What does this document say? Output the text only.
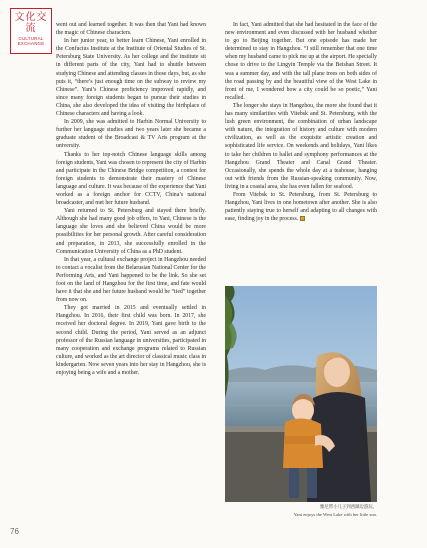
文化交流
CULTURAL EXCHANGE

went out and learned together. It was then that Yani had known the magic of Chinese characters.

In her junior year, to better learn Chinese, Yani enrolled in the Confucius Institute at the Institute of Oriental Studies of St. Petersburg State University. As her college and the institute sit in different parts of the city, Yani had to shuttle between studying Chinese and attending classes in those days, but, as she puts it, “there’s just enough time on the subway to review my Chinese”. Yani’s Chinese proficiency improved rapidly, and since many foreign students began to pursue their studies in China, she also developed the idea of visiting the birthplace of Chinese characters and having a look.

In 2009, she was admitted to Harbin Normal University to further her language studies and two years later she became a graduate student of the Broadcast & TV Arts program at the university.

Thanks to her top-notch Chinese language skills among foreign students, Yani was chosen to represent the city of Harbin and participate in the Chinese Bridge competition, a contest for foreign students to demonstrate their mastery of Chinese language and culture. It was because of the experience that Yani worked as a foreign anchor for CCTV, China’s national broadcaster, and met her future husband.

Yani returned to St. Petersburg and stayed there briefly. Although she had many good job offers, to Yani, Chinese is the language she loves and she believed China would be more possibilities for her personal growth. After careful consideration and preparation, in 2013, she successfully enrolled in the Communication University of China as a PhD student.

In that year, a cultural exchange project in Hangzhou needed to contact a vocalist from the Belarusian National Center for the Performing Arts, and Yani happened to be the link. So she set foot on the land of Hangzhou for the first time, and fate would have it that she and her future husband would be “tied” together from now on.

They got married in 2015 and eventually settled in Hangzhou. In 2016, their first child was born. In 2017, she received her doctoral degree. In 2019, Yani gave birth to the second child. During the period, Yani served as an adjunct professor of the Russian language in universities, participated in many cooperation and exchange programs related to Russian culture, and worked as the art director of classical music class in kindergarten. Now seven years into her stay in Hangzhou, she is enjoying being a wife and a mother.

In fact, Yani admitted that she had hesitated in the face of the new environment and even discussed with her husband whether to go to Beijing together. But one episode has made her determined to stay in Hangzhou. “I still remember that one time when my husband came to pick me up at the airport. He specially chose to drive to the Lingyin Temple via the Beishan Street. It was a summer day, and with the tall plane trees on both sides of the road passing by and the beautiful view of the West Lake in front of me, I wondered how a city could be so poetic,” Yani recalled.

The longer she stays in Hangzhou, the more she found that it has many similarities with Vitebsk and St. Petersburg, with the lush green environment, the combination of urban landscape with nature, the integration of history and culture with modern civilization, as well as the exquisite artistic creation and sophisticated life service. On weekends and holidays, Yani likes to take her children to ballet and symphony performances at the Hangzhou Grand Theater and Canal Grand Theater. Occasionally, she spends the whole day at a teahouse, hanging out with friends from the Russian-speaking community. Now, living in a coastal area, she has even fallen for seafood.

From Vitebsk to St. Petersburg, from St. Petersburg to Hangzhou, Yani lives in one hometown after another. She is also patiently staying true to herself and adapting to all changes with ease, finding joy in the process.

雅尼带小儿子到西湖边游玩。
Yani enjoys the West Lake with her little son.
76
